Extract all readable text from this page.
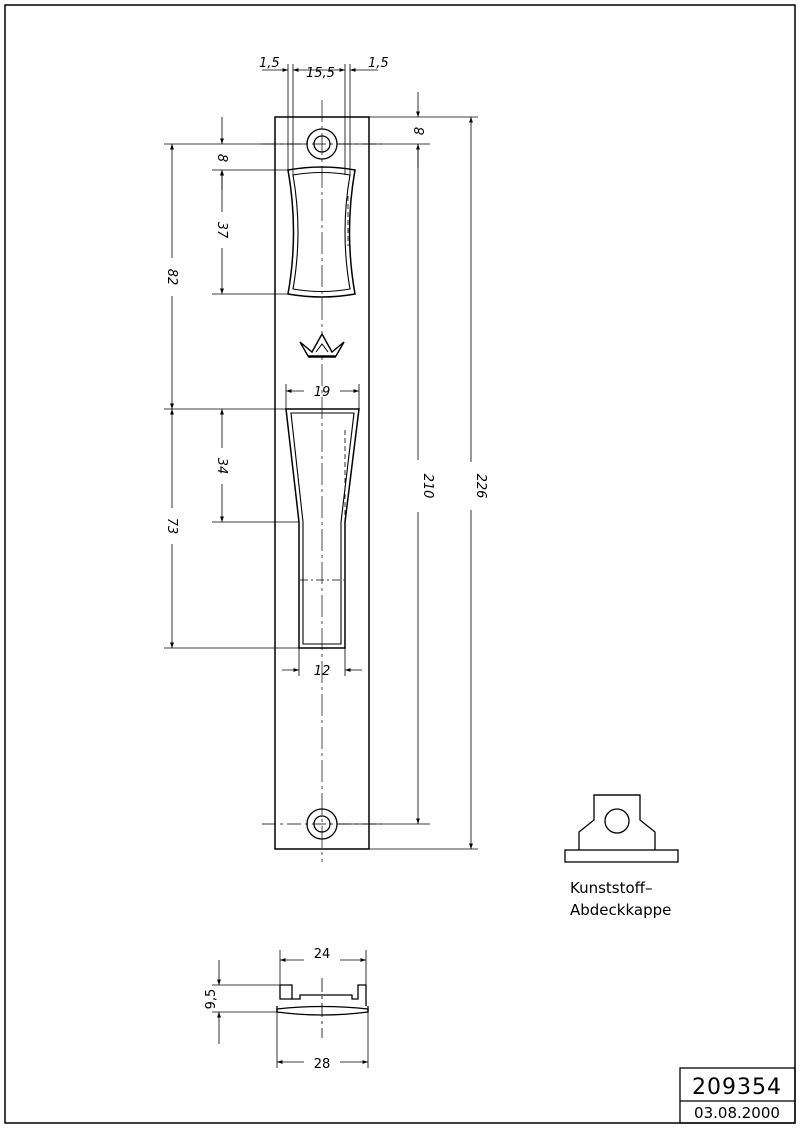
1,5
15,5
1,5
8
210	226
8
37
82
19
34
73
12
Kunststoff–
Abdeckkappe
24
9,5
28
209354
03.08.2000
